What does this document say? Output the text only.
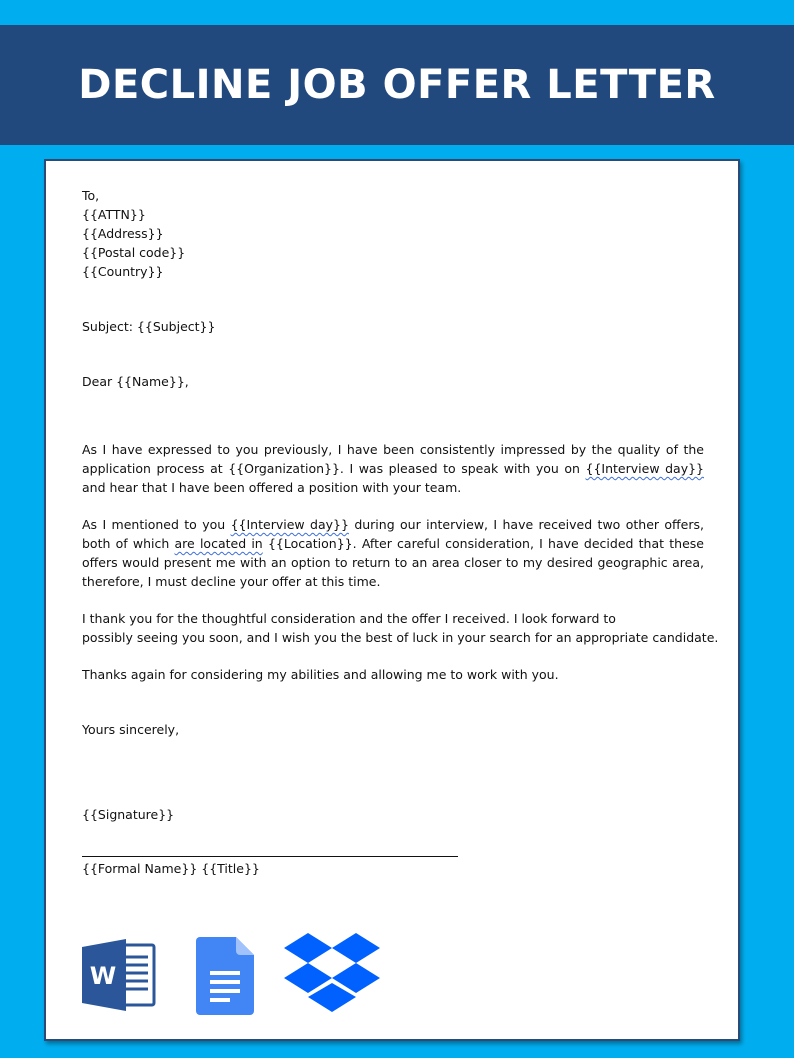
DECLINE JOB OFFER LETTER
To,
{{ATTN}}
{{Address}}
{{Postal code}}
{{Country}}
Subject: {{Subject}}
Dear {{Name}},

As I have expressed to you previously, I have been consistently impressed by the quality of the application process at {{Organization}}. I was pleased to speak with you on {{Interview day}} and hear that I have been offered a position with your team.

As I mentioned to you {{Interview day}} during our interview, I have received two other offers, both of which are located in {{Location}}. After careful consideration, I have decided that these offers would present me with an option to return to an area closer to my desired geographic area, therefore, I must decline your offer at this time.

I thank you for the thoughtful consideration and the offer I received. I look forward to
possibly seeing you soon, and I wish you the best of luck in your search for an appropriate candidate.
Thanks again for considering my abilities and allowing me to work with you.
Yours sincerely,
{{Signature}}
{{Formal Name}} {{Title}}
W
